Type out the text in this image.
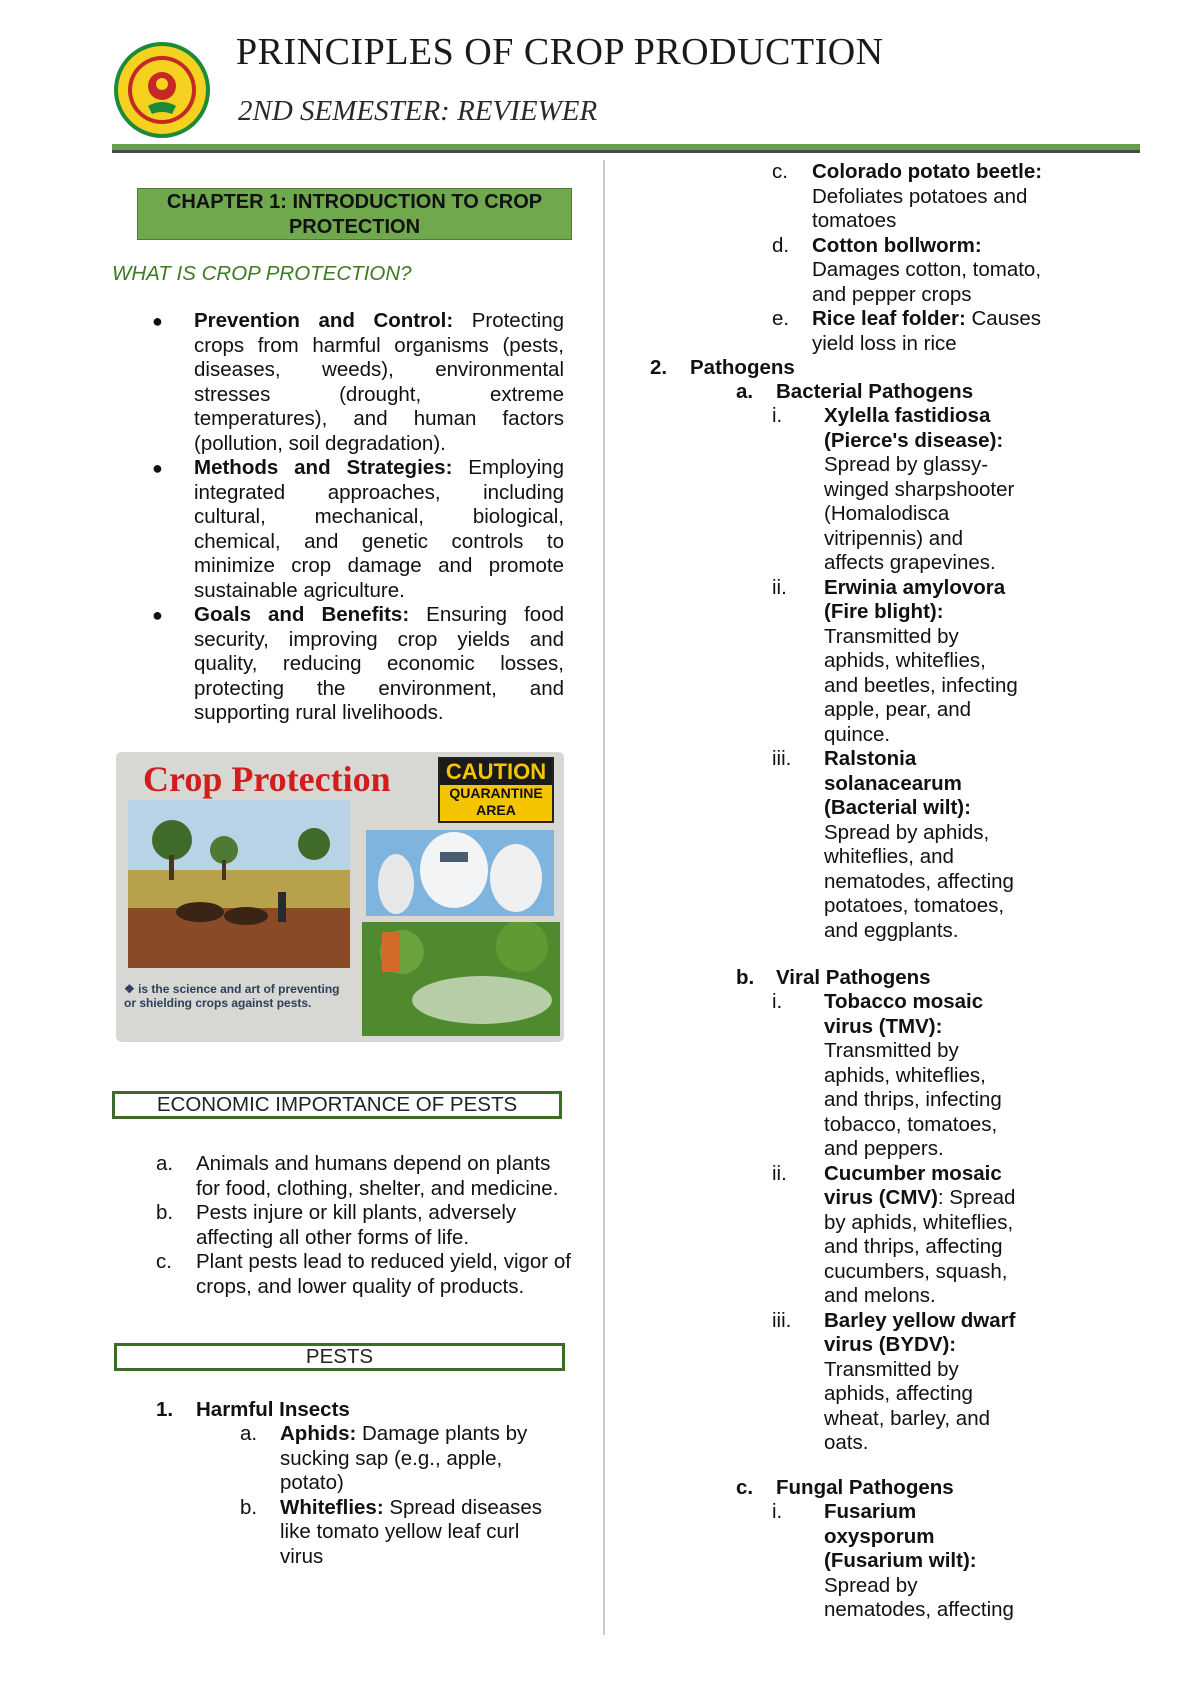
PRINCIPLES OF CROP PRODUCTION
2ND SEMESTER: REVIEWER
CHAPTER 1: INTRODUCTION TO CROP PROTECTION
WHAT IS CROP PROTECTION?
● Prevention and Control: Protecting crops from harmful organisms (pests, diseases, weeds), environmental stresses (drought, extreme temperatures), and human factors (pollution, soil degradation).
● Methods and Strategies: Employing integrated approaches, including cultural, mechanical, biological, chemical, and genetic controls to minimize crop damage and promote sustainable agriculture.
● Goals and Benefits: Ensuring food security, improving crop yields and quality, reducing economic losses, protecting the environment, and supporting rural livelihoods.
Crop Protection	CAUTION
QUARANTINE AREA
❖ is the science and art of preventing or shielding crops against pests.
ECONOMIC IMPORTANCE OF PESTS
a. Animals and humans depend on plants for food, clothing, shelter, and medicine.
b. Pests injure or kill plants, adversely affecting all other forms of life.
c. Plant pests lead to reduced yield, vigor of crops, and lower quality of products.
PESTS
1. Harmful Insects
a. Aphids: Damage plants by sucking sap (e.g., apple, potato)
b. Whiteflies: Spread diseases like tomato yellow leaf curl virus
c. Colorado potato beetle: Defoliates potatoes and tomatoes
d. Cotton bollworm: Damages cotton, tomato, and pepper crops
e. Rice leaf folder: Causes yield loss in rice
2. Pathogens
a. Bacterial Pathogens
i. Xylella fastidiosa (Pierce's disease): Spread by glassy-winged sharpshooter (Homalodisca vitripennis) and affects grapevines.
ii. Erwinia amylovora (Fire blight): Transmitted by aphids, whiteflies, and beetles, infecting apple, pear, and quince.
iii. Ralstonia solanacearum (Bacterial wilt): Spread by aphids, whiteflies, and nematodes, affecting potatoes, tomatoes, and eggplants.
b. Viral Pathogens
i. Tobacco mosaic virus (TMV): Transmitted by aphids, whiteflies, and thrips, infecting tobacco, tomatoes, and peppers.
ii. Cucumber mosaic virus (CMV): Spread by aphids, whiteflies, and thrips, affecting cucumbers, squash, and melons.
iii. Barley yellow dwarf virus (BYDV): Transmitted by aphids, affecting wheat, barley, and oats.
c. Fungal Pathogens
i. Fusarium oxysporum (Fusarium wilt): Spread by nematodes, affecting
